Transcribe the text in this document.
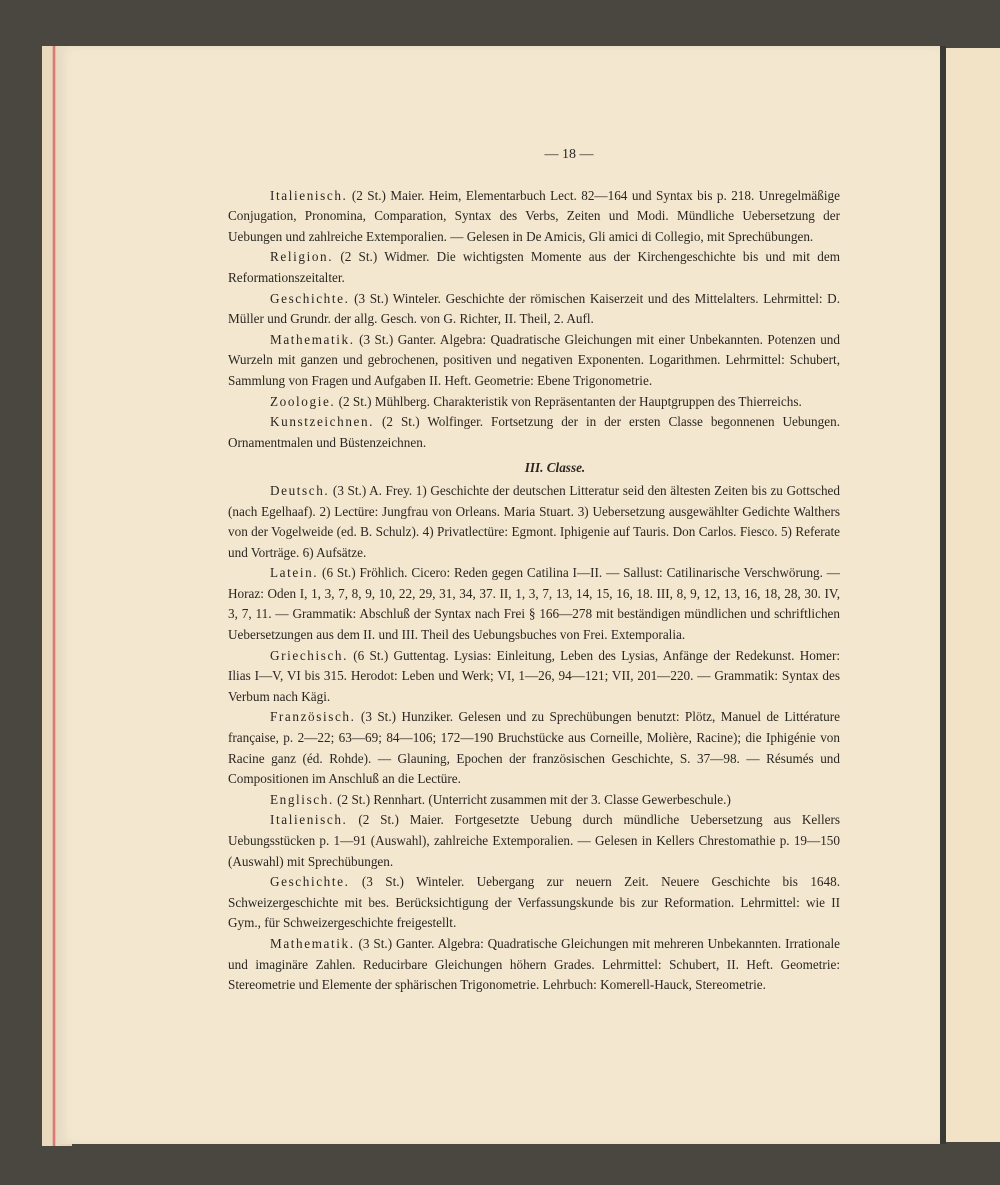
— 18 —

Italienisch. (2 St.) Maier. Heim, Elementarbuch Lect. 82—164 und Syntax bis p. 218. Unregelmäßige Conjugation, Pronomina, Comparation, Syntax des Verbs, Zeiten und Modi. Mündliche Uebersetzung der Uebungen und zahlreiche Extemporalien. — Gelesen in De Amicis, Gli amici di Collegio, mit Sprechübungen.

Religion. (2 St.) Widmer. Die wichtigsten Momente aus der Kirchengeschichte bis und mit dem Reformationszeitalter.

Geschichte. (3 St.) Winteler. Geschichte der römischen Kaiserzeit und des Mittelalters. Lehrmittel: D. Müller und Grundr. der allg. Gesch. von G. Richter, II. Theil, 2. Aufl.

Mathematik. (3 St.) Ganter. Algebra: Quadratische Gleichungen mit einer Unbekannten. Potenzen und Wurzeln mit ganzen und gebrochenen, positiven und negativen Exponenten. Logarithmen. Lehrmittel: Schubert, Sammlung von Fragen und Aufgaben II. Heft. Geometrie: Ebene Trigonometrie.

Zoologie. (2 St.) Mühlberg. Charakteristik von Repräsentanten der Hauptgruppen des Thierreichs.

Kunstzeichnen. (2 St.) Wolfinger. Fortsetzung der in der ersten Classe begonnenen Uebungen. Ornamentmalen und Büstenzeichnen.

III. Classe.

Deutsch. (3 St.) A. Frey. 1) Geschichte der deutschen Litteratur seid den ältesten Zeiten bis zu Gottsched (nach Egelhaaf). 2) Lectüre: Jungfrau von Orleans. Maria Stuart. 3) Uebersetzung ausgewählter Gedichte Walthers von der Vogelweide (ed. B. Schulz). 4) Privatlectüre: Egmont. Iphigenie auf Tauris. Don Carlos. Fiesco. 5) Referate und Vorträge. 6) Aufsätze.

Latein. (6 St.) Fröhlich. Cicero: Reden gegen Catilina I—II. — Sallust: Catilinarische Verschwörung. — Horaz: Oden I, 1, 3, 7, 8, 9, 10, 22, 29, 31, 34, 37. II, 1, 3, 7, 13, 14, 15, 16, 18. III, 8, 9, 12, 13, 16, 18, 28, 30. IV, 3, 7, 11. — Grammatik: Abschluß der Syntax nach Frei § 166—278 mit beständigen mündlichen und schriftlichen Uebersetzungen aus dem II. und III. Theil des Uebungsbuches von Frei. Extemporalia.

Griechisch. (6 St.) Guttentag. Lysias: Einleitung, Leben des Lysias, Anfänge der Redekunst. Homer: Ilias I—V, VI bis 315. Herodot: Leben und Werk; VI, 1—26, 94—121; VII, 201—220. — Grammatik: Syntax des Verbum nach Kägi.

Französisch. (3 St.) Hunziker. Gelesen und zu Sprechübungen benutzt: Plötz, Manuel de Littérature française, p. 2—22; 63—69; 84—106; 172—190 Bruchstücke aus Corneille, Molière, Racine); die Iphigénie von Racine ganz (éd. Rohde). — Glauning, Epochen der französischen Geschichte, S. 37—98. — Résumés und Compositionen im Anschluß an die Lectüre.

Englisch. (2 St.) Rennhart. (Unterricht zusammen mit der 3. Classe Gewerbeschule.)

Italienisch. (2 St.) Maier. Fortgesetzte Uebung durch mündliche Uebersetzung aus Kellers Uebungsstücken p. 1—91 (Auswahl), zahlreiche Extemporalien. — Gelesen in Kellers Chrestomathie p. 19—150 (Auswahl) mit Sprechübungen.

Geschichte. (3 St.) Winteler. Uebergang zur neuern Zeit. Neuere Geschichte bis 1648. Schweizergeschichte mit bes. Berücksichtigung der Verfassungskunde bis zur Reformation. Lehrmittel: wie II Gym., für Schweizergeschichte freigestellt.

Mathematik. (3 St.) Ganter. Algebra: Quadratische Gleichungen mit mehreren Unbekannten. Irrationale und imaginäre Zahlen. Reducirbare Gleichungen höhern Grades. Lehrmittel: Schubert, II. Heft. Geometrie: Stereometrie und Elemente der sphärischen Trigonometrie. Lehrbuch: Komerell-Hauck, Stereometrie.
